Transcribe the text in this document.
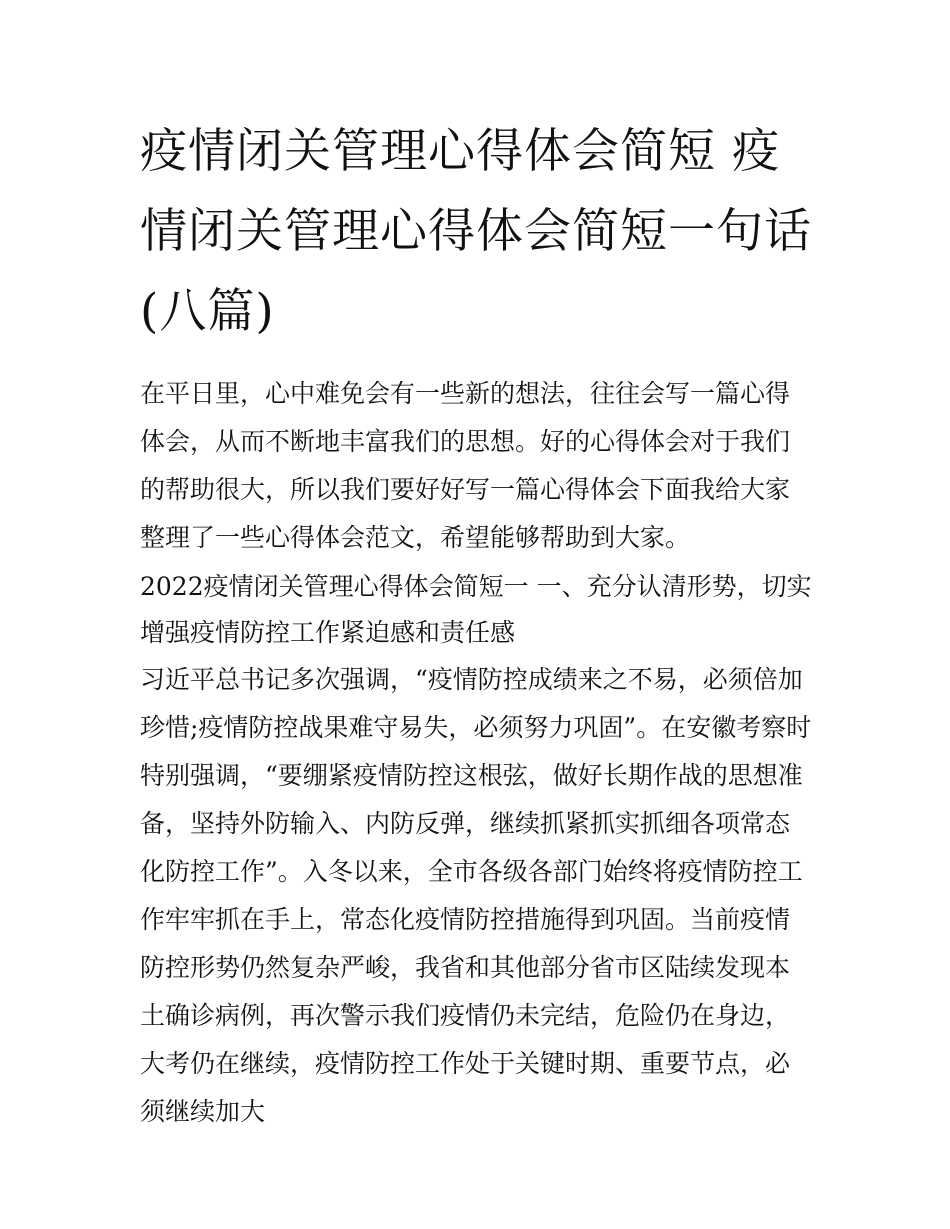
疫情闭关管理心得体会简短 疫情闭关管理心得体会简短一句话(八篇)

在平日里，心中难免会有一些新的想法，往往会写一篇心得体会，从而不断地丰富我们的思想。好的心得体会对于我们的帮助很大，所以我们要好好写一篇心得体会下面我给大家整理了一些心得体会范文，希望能够帮助到大家。

2022疫情闭关管理心得体会简短一 一、充分认清形势，切实增强疫情防控工作紧迫感和责任感

习近平总书记多次强调，“疫情防控成绩来之不易，必须倍加珍惜;疫情防控战果难守易失，必须努力巩固”。在安徽考察时特别强调，“要绷紧疫情防控这根弦，做好长期作战的思想准备，坚持外防输入、内防反弹，继续抓紧抓实抓细各项常态化防控工作”。入冬以来，全市各级各部门始终将疫情防控工作牢牢抓在手上，常态化疫情防控措施得到巩固。当前疫情防控形势仍然复杂严峻，我省和其他部分省市区陆续发现本土确诊病例，再次警示我们疫情仍未完结，危险仍在身边，大考仍在继续，疫情防控工作处于关键时期、重要节点，必须继续加大
